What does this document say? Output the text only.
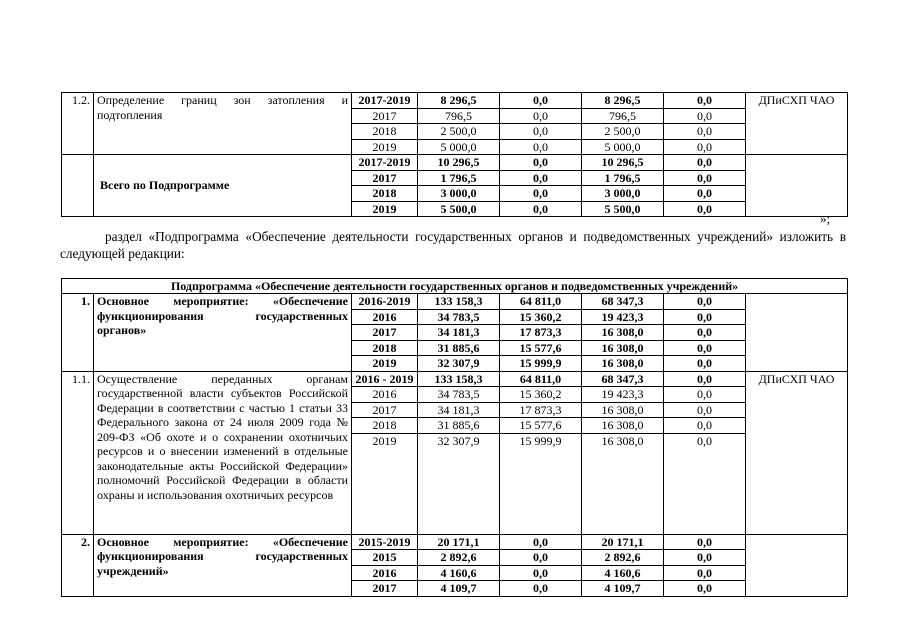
1.2.	Определение границ зон затопления и подтопления	2017-2019	8 296,5	0,0	8 296,5	0,0	ДПиСХП ЧАО
		2017	796,5	0,0	796,5	0,0	
		2018	2 500,0	0,0	2 500,0	0,0	
		2019	5 000,0	0,0	5 000,0	0,0	
	Всего по Подпрограмме	2017-2019	10 296,5	0,0	10 296,5	0,0	
		2017	1 796,5	0,0	1 796,5	0,0	
		2018	3 000,0	0,0	3 000,0	0,0	
		2019	5 500,0	0,0	5 500,0	0,0	
»;
раздел «Подпрограмма «Обеспечение деятельности государственных органов и подведомственных учреждений» изложить в следующей редакции:
Подпрограмма «Обеспечение деятельности государственных органов и подведомственных учреждений»							
1.	Основное мероприятие: «Обеспечение функционирования государственных органов»	2016-2019	133 158,3	64 811,0	68 347,3	0,0	
		2016	34 783,5	15 360,2	19 423,3	0,0	
		2017	34 181,3	17 873,3	16 308,0	0,0	
		2018	31 885,6	15 577,6	16 308,0	0,0	
		2019	32 307,9	15 999,9	16 308,0	0,0	
1.1.	Осуществление переданных органам государственной власти субъектов Российской Федерации в соответствии с частью 1 статьи 33 Федерального закона от 24 июля 2009 года № 209-ФЗ «Об охоте и о сохранении охотничьих ресурсов и о внесении изменений в отдельные законодательные акты Российской Федерации» полномочий Российской Федерации в области охраны и использования охотничьих ресурсов	2016 - 2019	133 158,3	64 811,0	68 347,3	0,0	ДПиСХП ЧАО
		2016	34 783,5	15 360,2	19 423,3	0,0	
		2017	34 181,3	17 873,3	16 308,0	0,0	
		2018	31 885,6	15 577,6	16 308,0	0,0	
		2019	32 307,9	15 999,9	16 308,0	0,0	
2.	Основное мероприятие: «Обеспечение функционирования государственных учреждений»	2015-2019	20 171,1	0,0	20 171,1	0,0	
		2015	2 892,6	0,0	2 892,6	0,0	
		2016	4 160,6	0,0	4 160,6	0,0	
		2017	4 109,7	0,0	4 109,7	0,0	
